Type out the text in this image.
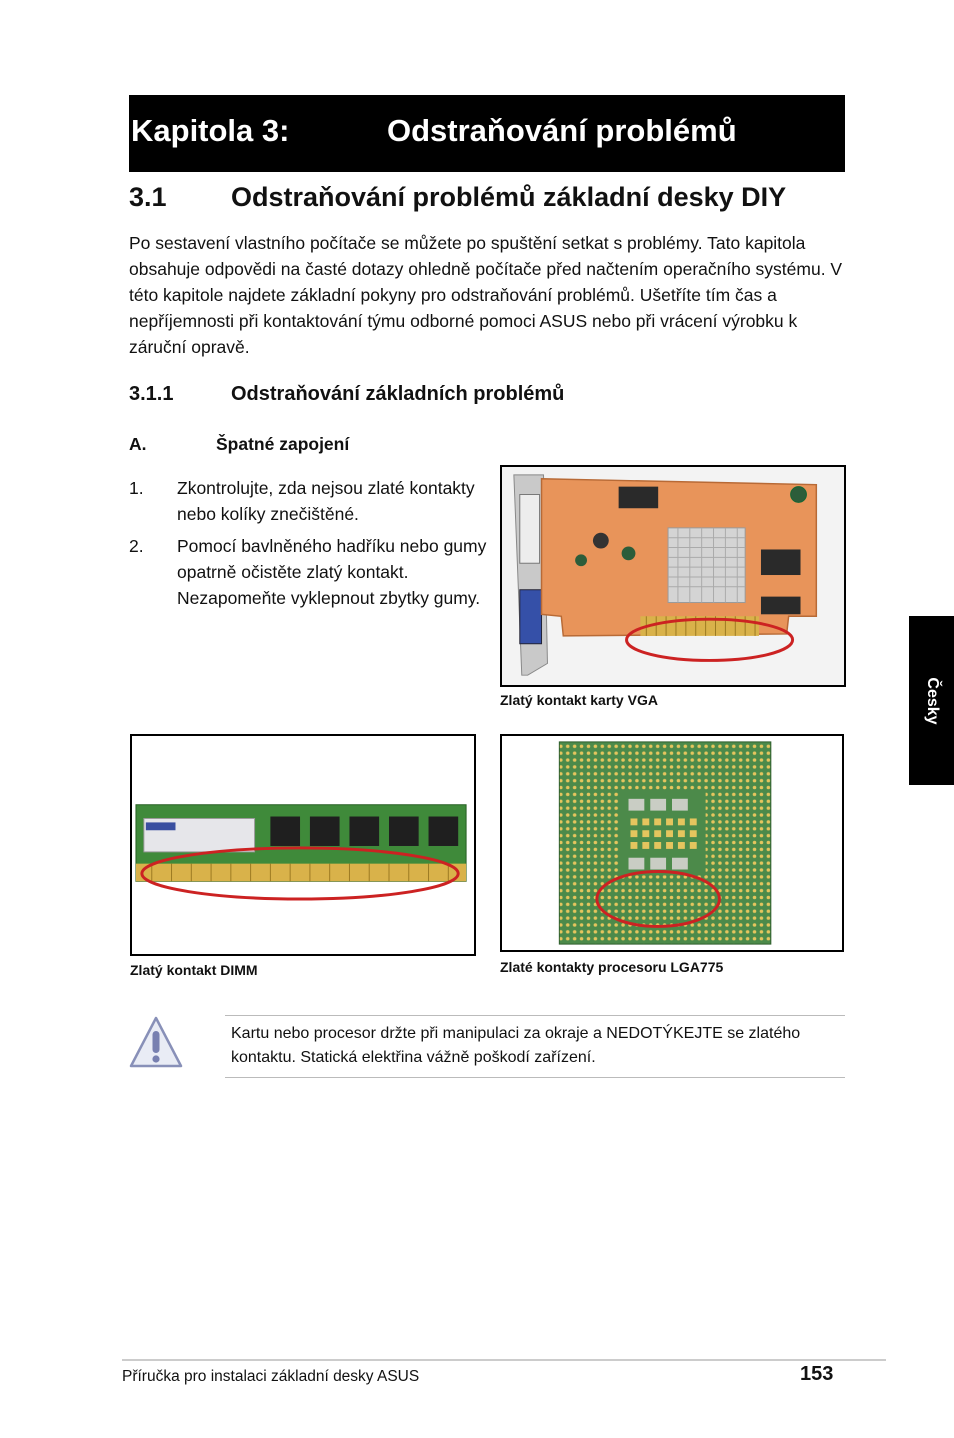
Kapitola 3:	Odstraňování problémů
3.1 Odstraňování problémů základní desky DIY

Po sestavení vlastního počítače se můžete po spuštění setkat s problémy. Tato kapitola obsahuje odpovědi na časté dotazy ohledně počítače před načtením operačního systému. V této kapitole najdete základní pokyny pro odstraňování problémů. Ušetříte tím čas a nepříjemnosti při kontaktování týmu odborné pomoci ASUS nebo při vrácení výrobku k záruční opravě.

3.1.1	Odstraňování základních problémů
A.	Špatné zapojení
1. Zkontrolujte, zda nejsou zlaté kontakty nebo kolíky znečištěné.
2. Pomocí bavlněného hadříku nebo gumy opatrně očistěte zlatý kontakt. Nezapomeňte vyklepnout zbytky gumy.
Zlatý kontakt karty VGA
Zlatý kontakt DIMM	Zlaté kontakty procesoru LGA775

Kartu nebo procesor držte při manipulaci za okraje a NEDOTÝKEJTE se zlatého kontaktu. Statická elektřina vážně poškodí zařízení.

Česky
Příručka pro instalaci základní desky ASUS	153
